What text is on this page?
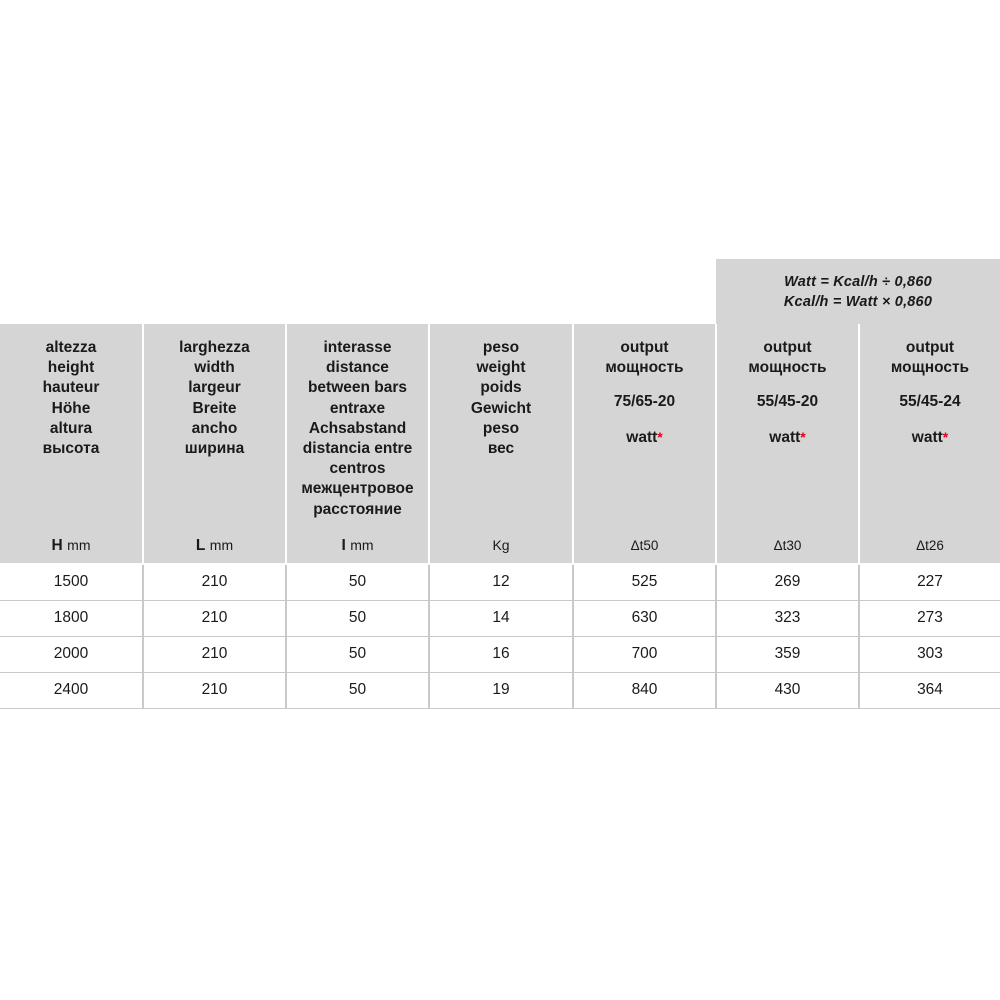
Watt = Kcal/h ÷ 0,860
Kcal/h = Watt × 0,860
altezza
height
hauteur
Höhe
altura
высота

larghezza
width
largeur
Breite
ancho
ширина

interasse
distance
between bars
entraxe
Achsabstand
distancia entre
centros
межцентровое
расстояние

peso
weight
poids
Gewicht
peso
вес

output
мощность
75/65-20
watt*

output
мощность
55/45-20
watt*

output
мощность
55/45-24
watt*

H mm	L mm	I mm	Kg	Δt50	Δt30	Δt26
1500	210	50	12	525	269	227
1800	210	50	14	630	323	273
2000	210	50	16	700	359	303
2400	210	50	19	840	430	364
